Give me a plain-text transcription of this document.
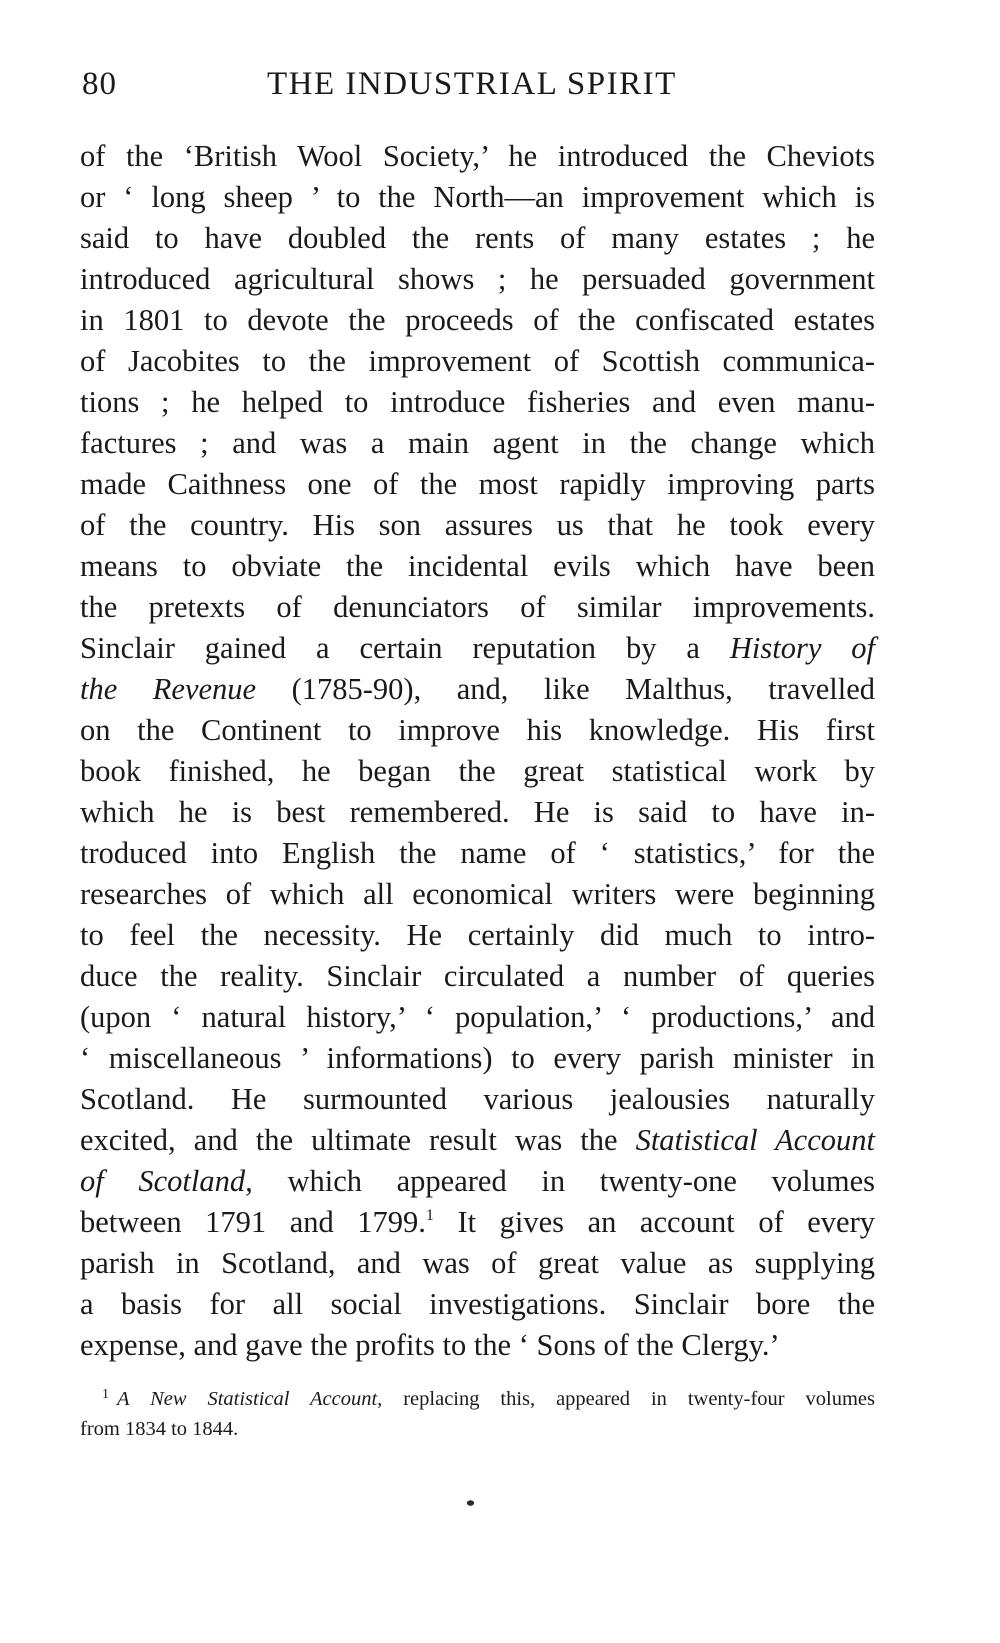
80	THE INDUSTRIAL SPIRIT
of the ‘British Wool Society,’ he introduced the Cheviots
or ‘ long sheep ’ to the North—an improvement which is
said to have doubled the rents of many estates ; he
introduced agricultural shows ; he persuaded government
in 1801 to devote the proceeds of the confiscated estates
of Jacobites to the improvement of Scottish communica-
tions ; he helped to introduce fisheries and even manu-
factures ; and was a main agent in the change which
made Caithness one of the most rapidly improving parts
of the country. His son assures us that he took every
means to obviate the incidental evils which have been
the pretexts of denunciators of similar improvements.
Sinclair gained a certain reputation by a History of
the Revenue (1785-90), and, like Malthus, travelled
on the Continent to improve his knowledge. His first
book finished, he began the great statistical work by
which he is best remembered. He is said to have in-
troduced into English the name of ‘ statistics,’ for the
researches of which all economical writers were beginning
to feel the necessity. He certainly did much to intro-
duce the reality. Sinclair circulated a number of queries
(upon ‘ natural history,’ ‘ population,’ ‘ productions,’ and
‘ miscellaneous ’ informations) to every parish minister in
Scotland. He surmounted various jealousies naturally
excited, and the ultimate result was the Statistical Account
of Scotland, which appeared in twenty-one volumes
between 1791 and 1799.$^1$ It gives an account of every
parish in Scotland, and was of great value as supplying
a basis for all social investigations. Sinclair bore the
expense, and gave the profits to the ‘ Sons of the Clergy.’
$^1$ A New Statistical Account, replacing this, appeared in twenty-four volumes
from 1834 to 1844.
